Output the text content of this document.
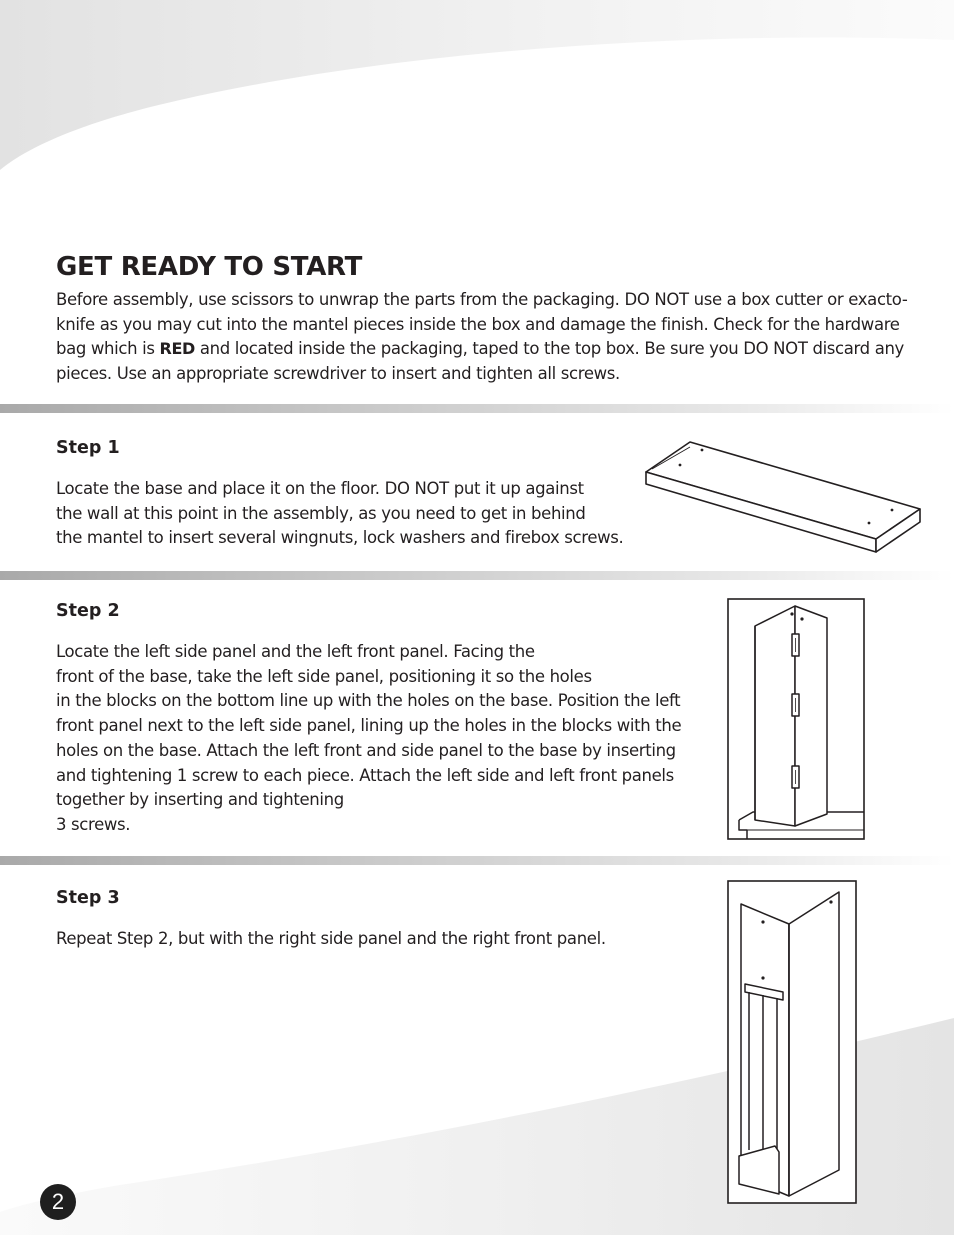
GET READY TO START

Before assembly, use scissors to unwrap the parts from the packaging. DO NOT use a box cutter or exacto-knife as you may cut into the mantel pieces inside the box and damage the finish. Check for the hardware bag which is RED and located inside the packaging, taped to the top box. Be sure you DO NOT discard any pieces. Use an appropriate screwdriver to insert and tighten all screws.

Step 1

Locate the base and place it on the floor. DO NOT put it up against
the wall at this point in the assembly, as you need to get in behind
the mantel to insert several wingnuts, lock washers and firebox screws.

Step 2

Locate the left side panel and the left front panel. Facing the
front of the base, take the left side panel, positioning it so the holes
in the blocks on the bottom line up with the holes on the base. Position the left
front panel next to the left side panel, lining up the holes in the blocks with the
holes on the base. Attach the left front and side panel to the base by inserting
and tightening 1 screw to each piece. Attach the left side and left front panels
together by inserting and tightening
3 screws.

Step 3

Repeat Step 2, but with the right side panel and the right front panel.

2
